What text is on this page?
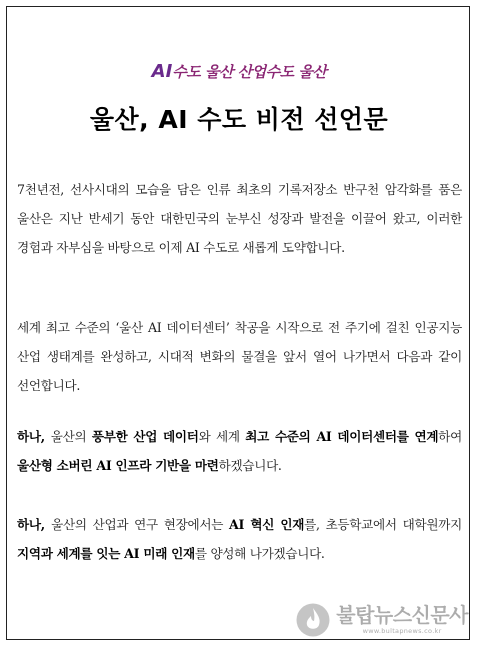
AI수도 울산 산업수도 울산
울산, AI 수도 비전 선언문

7천년전, 선사시대의 모습을 담은 인류 최초의 기록저장소 반구천 암각화를 품은 울산은 지난 반세기 동안 대한민국의 눈부신 성장과 발전을 이끌어 왔고, 이러한 경험과 자부심을 바탕으로 이제 AI 수도로 새롭게 도약합니다.

세계 최고 수준의 ‘울산 AI 데이터센터’ 착공을 시작으로 전 주기에 걸친 인공지능 산업 생태계를 완성하고, 시대적 변화의 물결을 앞서 열어 나가면서 다음과 같이 선언합니다.

하나, 울산의 풍부한 산업 데이터와 세계 최고 수준의 AI 데이터센터를 연계하여 울산형 소버린 AI 인프라 기반을 마련하겠습니다.

하나, 울산의 산업과 연구 현장에서는 AI 혁신 인재를, 초등학교에서 대학원까지 지역과 세계를 잇는 AI 미래 인재를 양성해 나가겠습니다.

불탑뉴스신문사
www.bultapnews.co.kr
